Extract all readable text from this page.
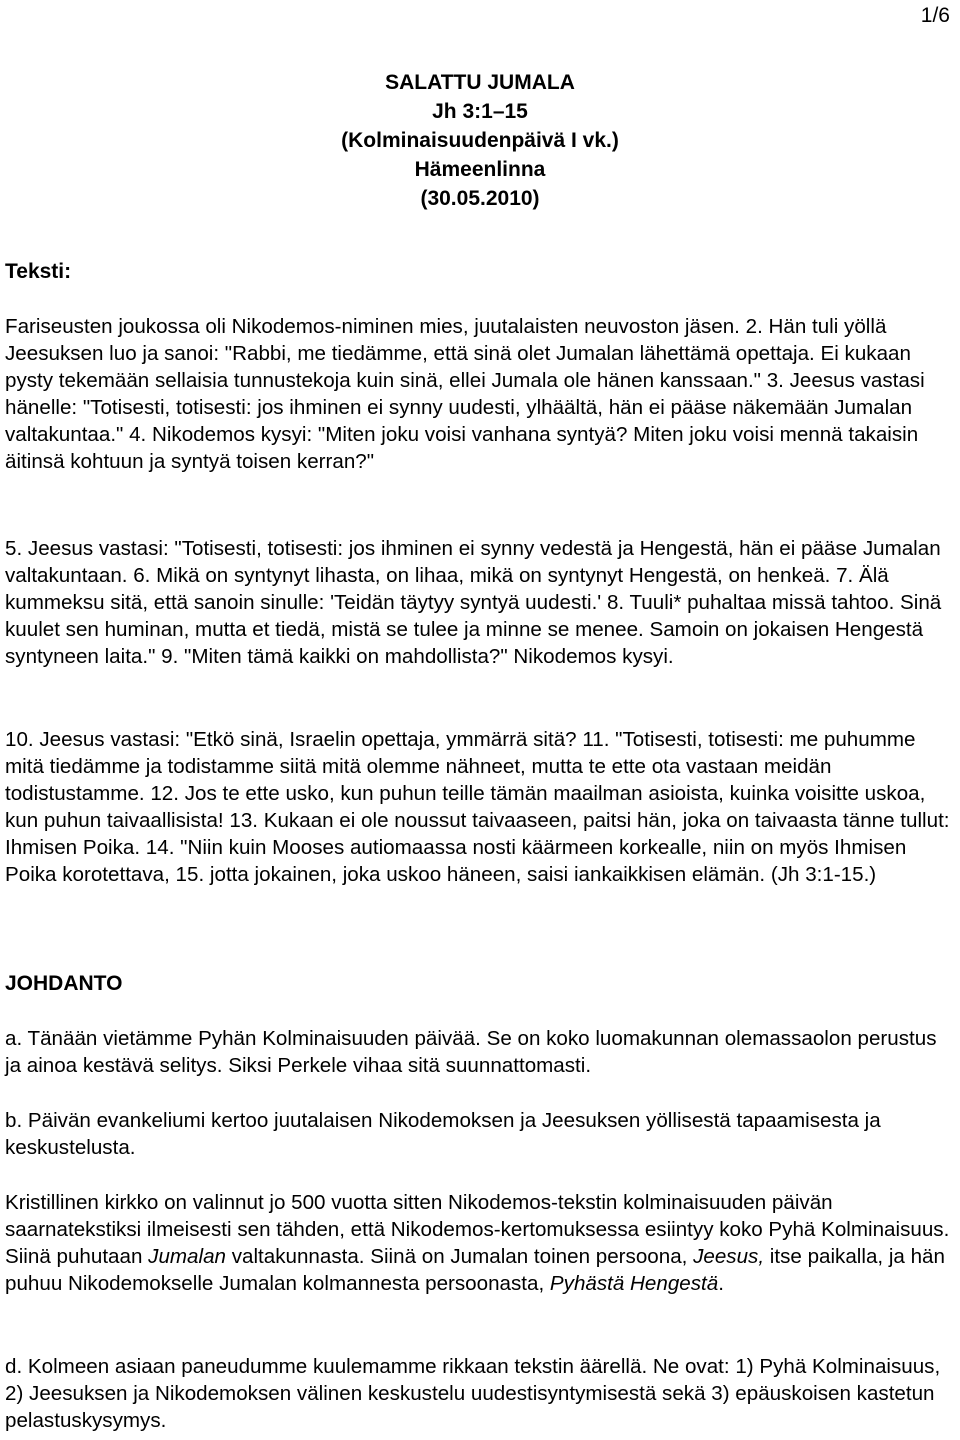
1/6
SALATTU JUMALA
Jh 3:1–15
(Kolminaisuudenpäivä I vk.)
Hämeenlinna
(30.05.2010)
Teksti:

Fariseusten joukossa oli Nikodemos-niminen mies, juutalaisten neuvoston jäsen. 2. Hän tuli yöllä Jeesuksen luo ja sanoi: "Rabbi, me tiedämme, että sinä olet Jumalan lähettämä opettaja. Ei kukaan pysty tekemään sellaisia tunnustekoja kuin sinä, ellei Jumala ole hänen kanssaan." 3. Jeesus vastasi hänelle: "Totisesti, totisesti: jos ihminen ei synny uudesti, ylhäältä, hän ei pääse näkemään Jumalan valtakuntaa." 4. Nikodemos kysyi: "Miten joku voisi vanhana syntyä? Miten joku voisi mennä takaisin äitinsä kohtuun ja syntyä toisen kerran?"

5. Jeesus vastasi: "Totisesti, totisesti: jos ihminen ei synny vedestä ja Hengestä, hän ei pääse Jumalan valtakuntaan. 6. Mikä on syntynyt lihasta, on lihaa, mikä on syntynyt Hengestä, on henkeä. 7. Älä kummeksu sitä, että sanoin sinulle: 'Teidän täytyy syntyä uudesti.' 8. Tuuli* puhaltaa missä tahtoo. Sinä kuulet sen huminan, mutta et tiedä, mistä se tulee ja minne se menee. Samoin on jokaisen Hengestä syntyneen laita." 9. "Miten tämä kaikki on mahdollista?" Nikodemos kysyi.

10. Jeesus vastasi: "Etkö sinä, Israelin opettaja, ymmärrä sitä? 11. "Totisesti, totisesti: me puhumme mitä tiedämme ja todistamme siitä mitä olemme nähneet, mutta te ette ota vastaan meidän todistustamme. 12. Jos te ette usko, kun puhun teille tämän maailman asioista, kuinka voisitte uskoa, kun puhun taivaallisista! 13. Kukaan ei ole noussut taivaaseen, paitsi hän, joka on taivaasta tänne tullut: Ihmisen Poika. 14. "Niin kuin Mooses autiomaassa nosti käärmeen korkealle, niin on myös Ihmisen Poika korotettava, 15. jotta jokainen, joka uskoo häneen, saisi iankaikkisen elämän. (Jh 3:1-15.)

JOHDANTO

a. Tänään vietämme Pyhän Kolminaisuuden päivää. Se on koko luomakunnan olemassaolon perustus ja ainoa kestävä selitys. Siksi Perkele vihaa sitä suunnattomasti.

b. Päivän evankeliumi kertoo juutalaisen Nikodemoksen ja Jeesuksen yöllisestä tapaamisesta ja keskustelusta.

Kristillinen kirkko on valinnut jo 500 vuotta sitten Nikodemos-tekstin kolminaisuuden päivän saarnatekstiksi ilmeisesti sen tähden, että Nikodemos-kertomuksessa esiintyy koko Pyhä Kolminaisuus. Siinä puhutaan Jumalan valtakunnasta. Siinä on Jumalan toinen persoona, Jeesus, itse paikalla, ja hän puhuu Nikodemokselle Jumalan kolmannesta persoonasta, Pyhästä Hengestä.

d. Kolmeen asiaan paneudumme kuulemamme rikkaan tekstin äärellä. Ne ovat: 1) Pyhä Kolminaisuus, 2) Jeesuksen ja Nikodemoksen välinen keskustelu uudestisyntymisestä sekä 3) epäuskoisen kastetun pelastuskysymys.
